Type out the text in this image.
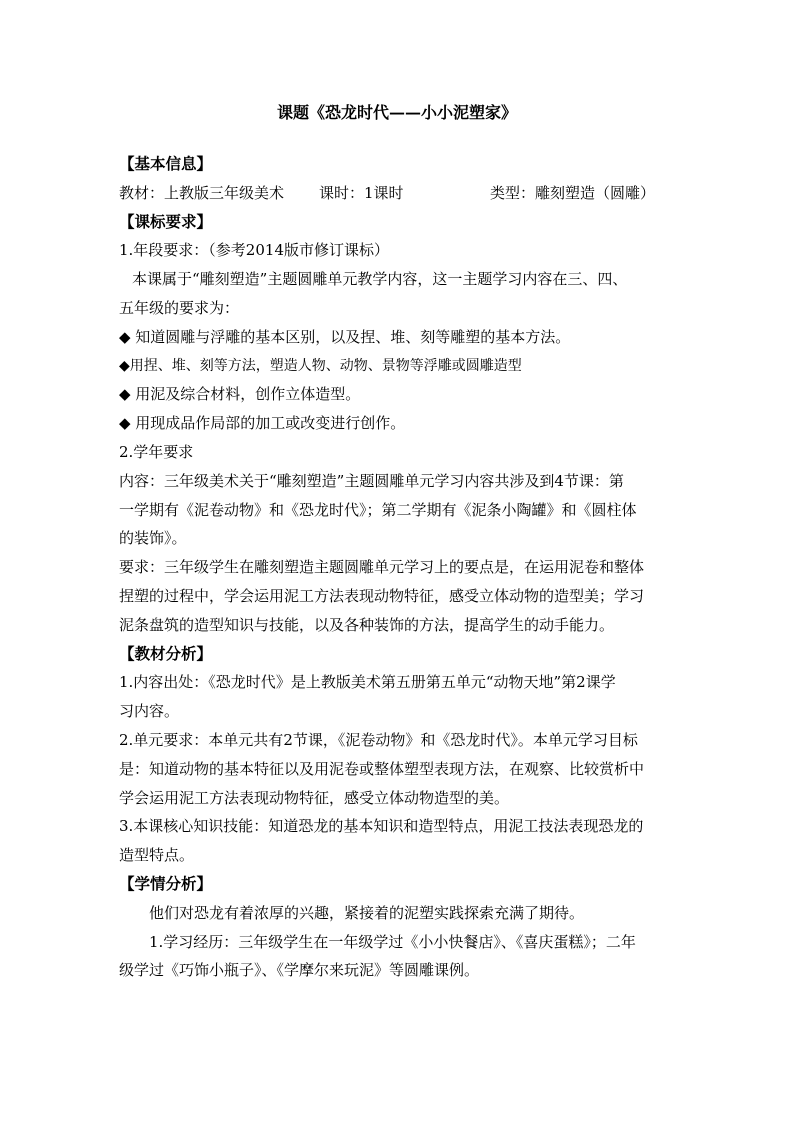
课题《恐龙时代——小小泥塑家》
【基本信息】
教材：上教版三年级美术 课时：1课时	类型：雕刻塑造（圆雕）
【课标要求】
1.年段要求：（参考2014版市修订课标）
本课属于“雕刻塑造”主题圆雕单元教学内容，这一主题学习内容在三、四、
五年级的要求为：
◆ 知道圆雕与浮雕的基本区别，以及捏、堆、刻等雕塑的基本方法。
◆用捏、堆、刻等方法，塑造人物、动物、景物等浮雕或圆雕造型
◆ 用泥及综合材料，创作立体造型。
◆ 用现成品作局部的加工或改变进行创作。
2.学年要求
内容：三年级美术关于“雕刻塑造”主题圆雕单元学习内容共涉及到4节课：第
一学期有《泥卷动物》和《恐龙时代》；第二学期有《泥条小陶罐》和《圆柱体
的装饰》。
要求：三年级学生在雕刻塑造主题圆雕单元学习上的要点是，在运用泥卷和整体
捏塑的过程中，学会运用泥工方法表现动物特征，感受立体动物的造型美；学习
泥条盘筑的造型知识与技能，以及各种装饰的方法，提高学生的动手能力。
【教材分析】
1.内容出处：《恐龙时代》是上教版美术第五册第五单元“动物天地”第2课学
习内容。
2.单元要求：本单元共有2节课，《泥卷动物》和《恐龙时代》。本单元学习目标
是：知道动物的基本特征以及用泥卷或整体塑型表现方法，在观察、比较赏析中
学会运用泥工方法表现动物特征，感受立体动物造型的美。
3.本课核心知识技能：知道恐龙的基本知识和造型特点，用泥工技法表现恐龙的
造型特点。
【学情分析】
他们对恐龙有着浓厚的兴趣，紧接着的泥塑实践探索充满了期待。
1.学习经历：三年级学生在一年级学过《小小快餐店》、《喜庆蛋糕》；二年
级学过《巧饰小瓶子》、《学摩尔来玩泥》等圆雕课例。
